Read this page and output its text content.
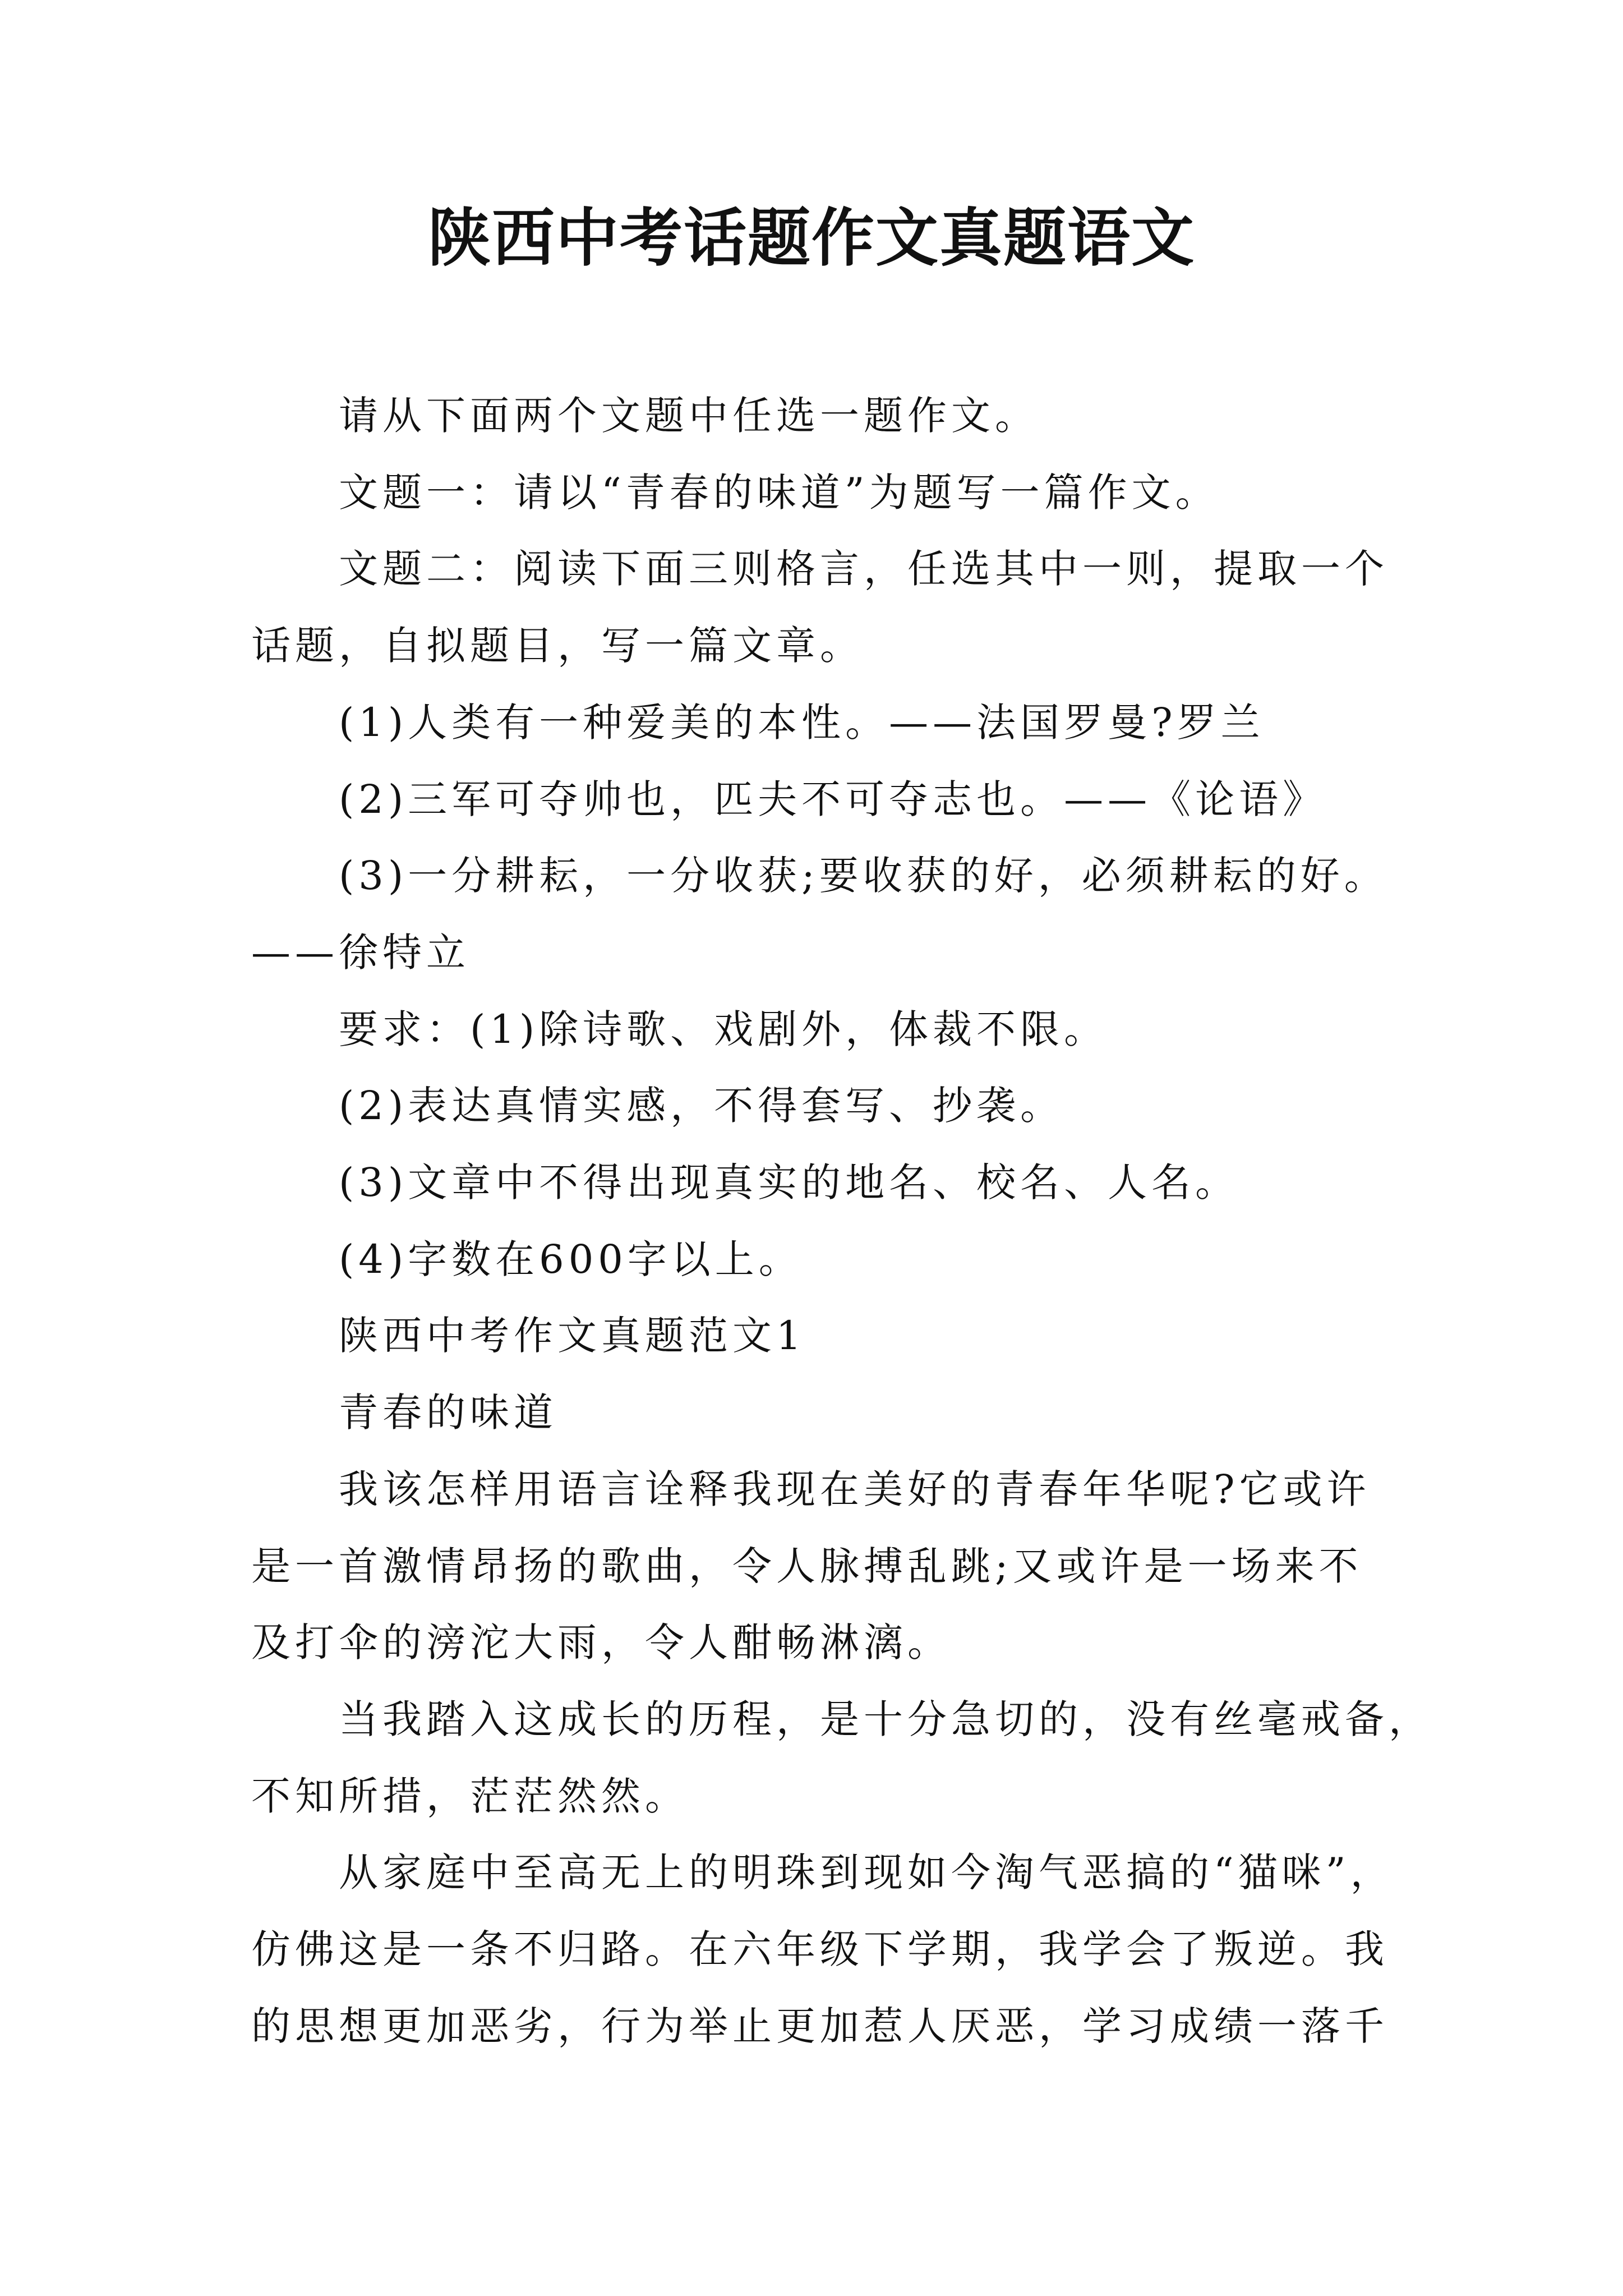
陕西中考话题作文真题语文
请从下面两个文题中任选一题作文。
文题一：请以“青春的味道”为题写一篇作文。
文题二：阅读下面三则格言，任选其中一则，提取一个
话题，自拟题目，写一篇文章。
(1)人类有一种爱美的本性。——法国罗曼?罗兰
(2)三军可夺帅也，匹夫不可夺志也。——《论语》
(3)一分耕耘，一分收获;要收获的好，必须耕耘的好。
——徐特立
要求：(1)除诗歌、戏剧外，体裁不限。
(2)表达真情实感，不得套写、抄袭。
(3)文章中不得出现真实的地名、校名、人名。
(4)字数在600字以上。
陕西中考作文真题范文1
青春的味道
我该怎样用语言诠释我现在美好的青春年华呢?它或许
是一首激情昂扬的歌曲，令人脉搏乱跳;又或许是一场来不
及打伞的滂沱大雨，令人酣畅淋漓。
当我踏入这成长的历程，是十分急切的，没有丝毫戒备，
不知所措，茫茫然然。
从家庭中至高无上的明珠到现如今淘气恶搞的“猫咪”，
仿佛这是一条不归路。在六年级下学期，我学会了叛逆。我
的思想更加恶劣，行为举止更加惹人厌恶，学习成绩一落千
